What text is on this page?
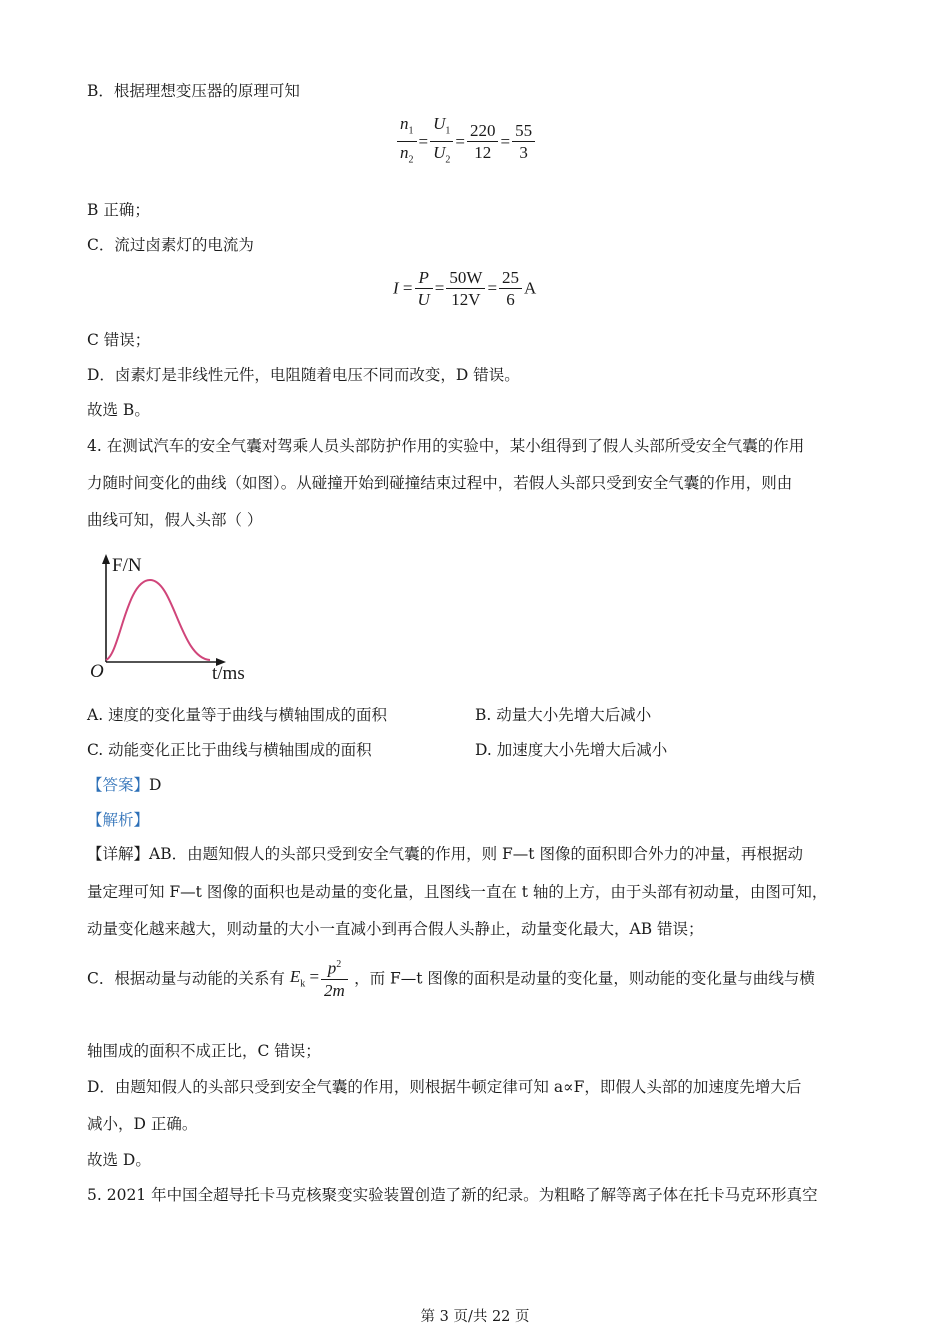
B．根据理想变压器的原理可知
$\frac{n_1}{n_2} = \frac{U_1}{U_2} = \frac{220}{12} = \frac{55}{3}$
B 正确；
C．流过卤素灯的电流为
$I = \frac{P}{U} = \frac{50W}{12V} = \frac{25}{6}$ A
C 错误；
D．卤素灯是非线性元件，电阻随着电压不同而改变，D 错误。
故选 B。
4. 在测试汽车的安全气囊对驾乘人员头部防护作用的实验中，某小组得到了假人头部所受安全气囊的作用
力随时间变化的曲线（如图）。从碰撞开始到碰撞结束过程中，若假人头部只受到安全气囊的作用，则由
曲线可知，假人头部（ ）
O
F/N
t/ms
A. 速度的变化量等于曲线与横轴围成的面积	B. 动量大小先增大后减小
C. 动能变化正比于曲线与横轴围成的面积	D. 加速度大小先增大后减小
【答案】D
【解析】
【详解】AB．由题知假人的头部只受到安全气囊的作用，则 F—t 图像的面积即合外力的冲量，再根据动
量定理可知 F—t 图像的面积也是动量的变化量，且图线一直在 t 轴的上方，由于头部有初动量，由图可知，
动量变化越来越大，则动量的大小一直减小到再合假人头静止，动量变化最大，AB 错误；
C．根据动量与动能的关系有 $E_k = \frac{p^2}{2m}$ ，而 F—t 图像的面积是动量的变化量，则动能的变化量与曲线与横
轴围成的面积不成正比，C 错误；
D．由题知假人的头部只受到安全气囊的作用，则根据牛顿定律可知 a∝F，即假人头部的加速度先增大后
减小，D 正确。
故选 D。
5. 2021 年中国全超导托卡马克核聚变实验装置创造了新的纪录。为粗略了解等离子体在托卡马克环形真空
第 3 页/共 22 页
